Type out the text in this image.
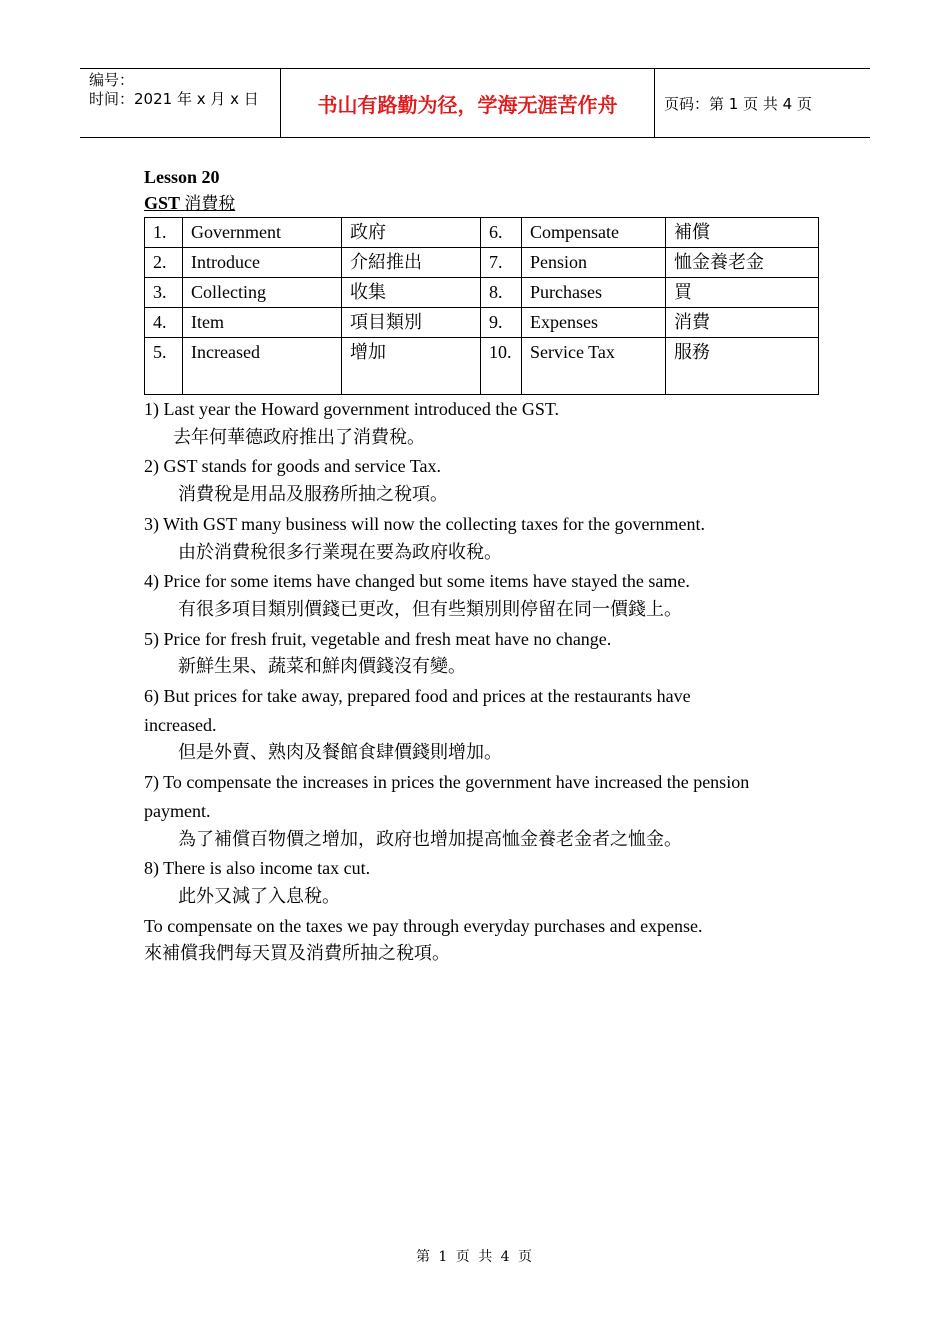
编号：
时间：2021 年 x 月 x 日	书山有路勤为径，学海无涯苦作舟	页码：第 1 页 共 4 页

Lesson 20

GST 消費稅

1.	Government	政府	6.	Compensate	補償
2.	Introduce	介紹推出	7.	Pension	恤金養老金
3.	Collecting	收集	8.	Purchases	買
4.	Item	項目類別	9.	Expenses	消費
5.	Increased	增加	10.	Service Tax	服務

1) Last year the Howard government introduced the GST.

去年何華德政府推出了消費稅。

2) GST stands for goods and service Tax.

消費稅是用品及服務所抽之稅項。

3) With GST many business will now the collecting taxes for the government.

由於消費稅很多行業現在要為政府收稅。

4) Price for some items have changed but some items have stayed the same.

有很多項目類別價錢已更改，但有些類別則停留在同一價錢上。

5) Price for fresh fruit, vegetable and fresh meat have no change.

新鮮生果、蔬菜和鮮肉價錢沒有變。

6) But prices for take away, prepared food and prices at the restaurants have

increased.

但是外賣、熟肉及餐館食肆價錢則增加。

7) To compensate the increases in prices the government have increased the pension

payment.

為了補償百物價之增加，政府也增加提高恤金養老金者之恤金。

8) There is also income tax cut.

此外又減了入息稅。

To compensate on the taxes we pay through everyday purchases and expense.

來補償我們每天買及消費所抽之稅項。

第 1 页 共 4 页
